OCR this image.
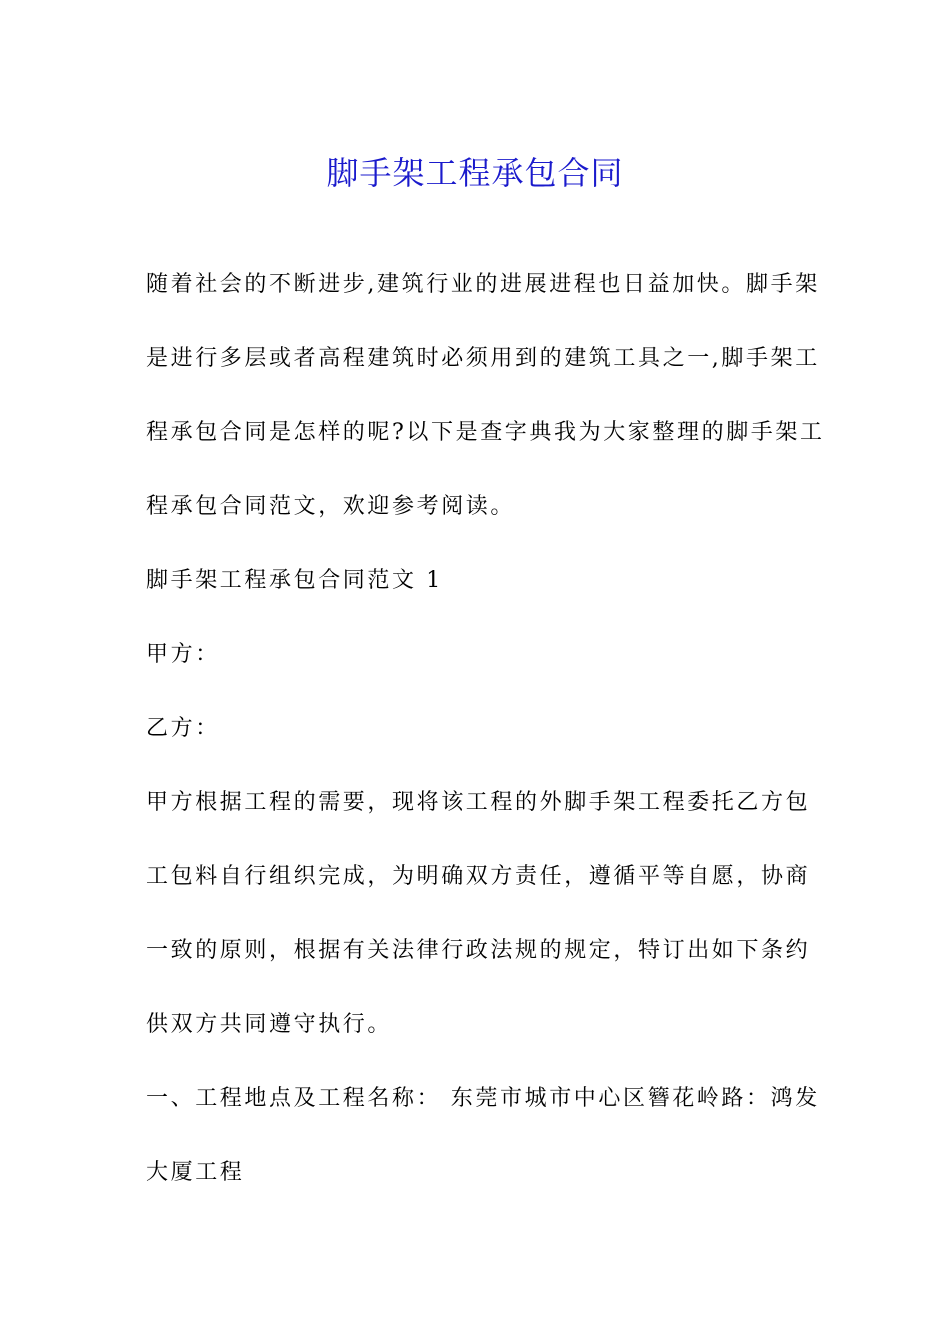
脚手架工程承包合同
随着社会的不断进步,建筑行业的进展进程也日益加快。脚手架
是进行多层或者高程建筑时必须用到的建筑工具之一,脚手架工
程承包合同是怎样的呢?以下是查字典我为大家整理的脚手架工
程承包合同范文，欢迎参考阅读。
脚手架工程承包合同范文 1
甲方：
乙方：
甲方根据工程的需要，现将该工程的外脚手架工程委托乙方包
工包料自行组织完成，为明确双方责任，遵循平等自愿，协商
一致的原则，根据有关法律行政法规的规定，特订出如下条约
供双方共同遵守执行。
一、工程地点及工程名称： 东莞市城市中心区簪花岭路：鸿发
大厦工程
